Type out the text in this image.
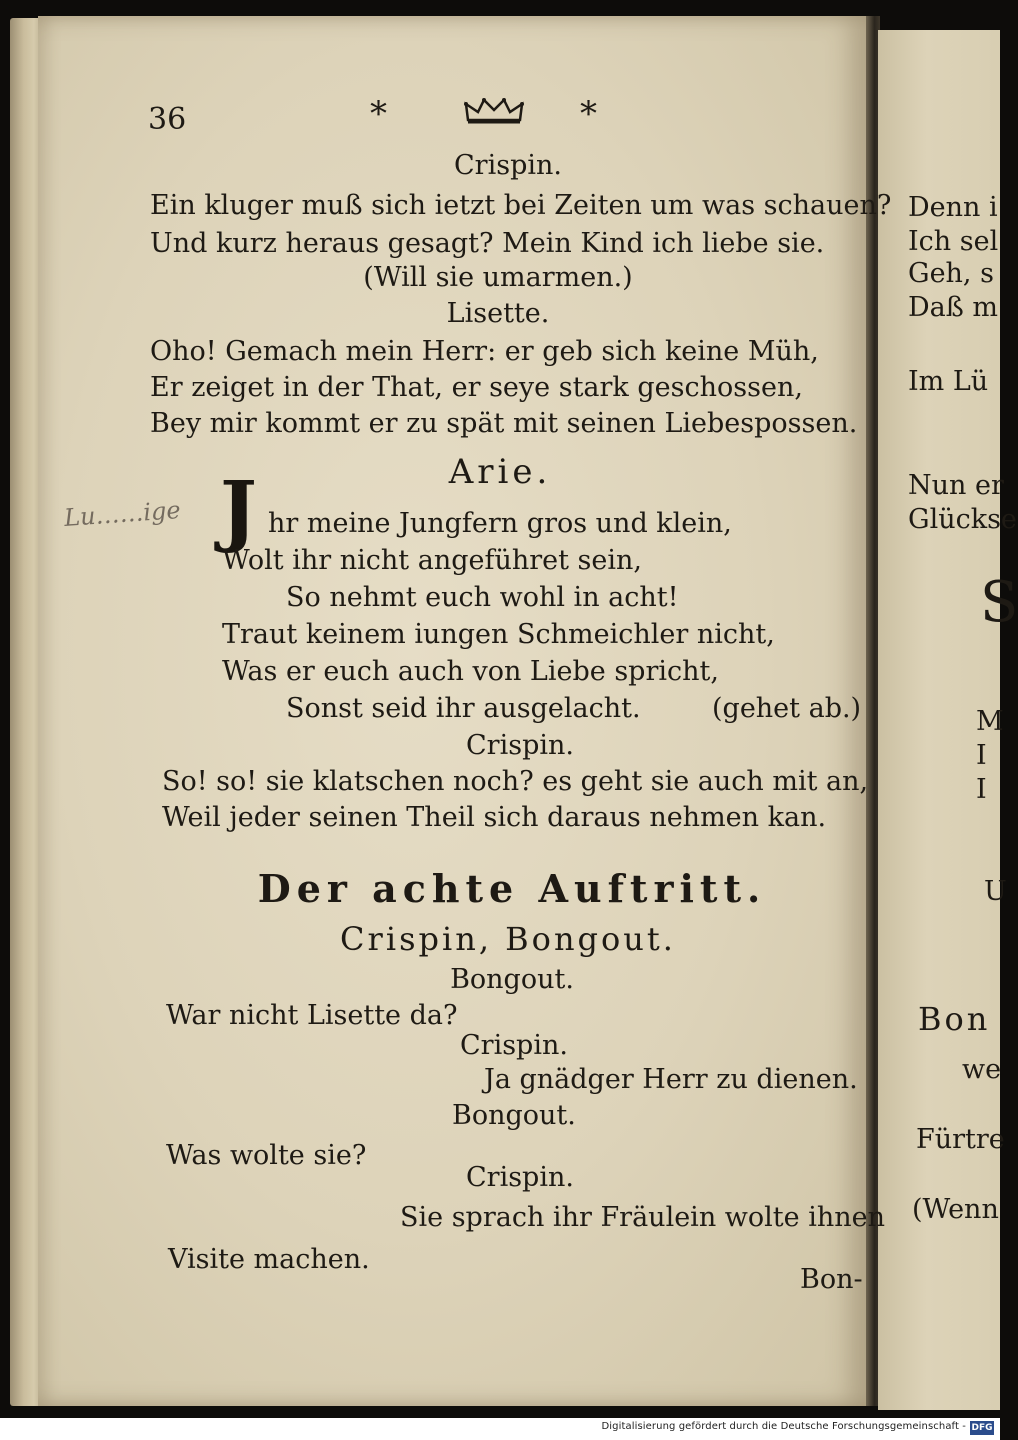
36	*	*
Crispin.
Ein kluger muß sich ietzt bei Zeiten um was schauen?
Und kurz heraus gesagt? Mein Kind ich liebe sie.
(Will sie umarmen.)
Lisette.
Oho! Gemach mein Herr: er geb sich keine Müh,
Er zeiget in der That, er seye stark geschossen,
Bey mir kommt er zu spät mit seinen Liebespossen.
Arie.
Lu……ige J hr meine Jungfern gros und klein,
Wolt ihr nicht angeführet sein,
So nehmt euch wohl in acht!
Traut keinem iungen Schmeichler nicht,
Was er euch auch von Liebe spricht,
Sonst seid ihr ausgelacht.	(gehet ab.)
Crispin.
So! so! sie klatschen noch? es geht sie auch mit an,
Weil jeder seinen Theil sich daraus nehmen kan.
Der achte Auftritt.
Crispin, Bongout.
Bongout.
War nicht Lisette da?
Crispin.
Ja gnädger Herr zu dienen.
Bongout.
Was wolte sie?
Crispin.
Sie sprach ihr Fräulein wolte ihnen
Visite machen.
Bon-
Denn i
Ich sel
Geh, s
Daß m
Im Lü
Nun er
Glückse
S
M
I
I
U
Bon
we
Fürtre
(Wenn
Digitalisierung gefördert durch die Deutsche Forschungsgemeinschaft - DFG
